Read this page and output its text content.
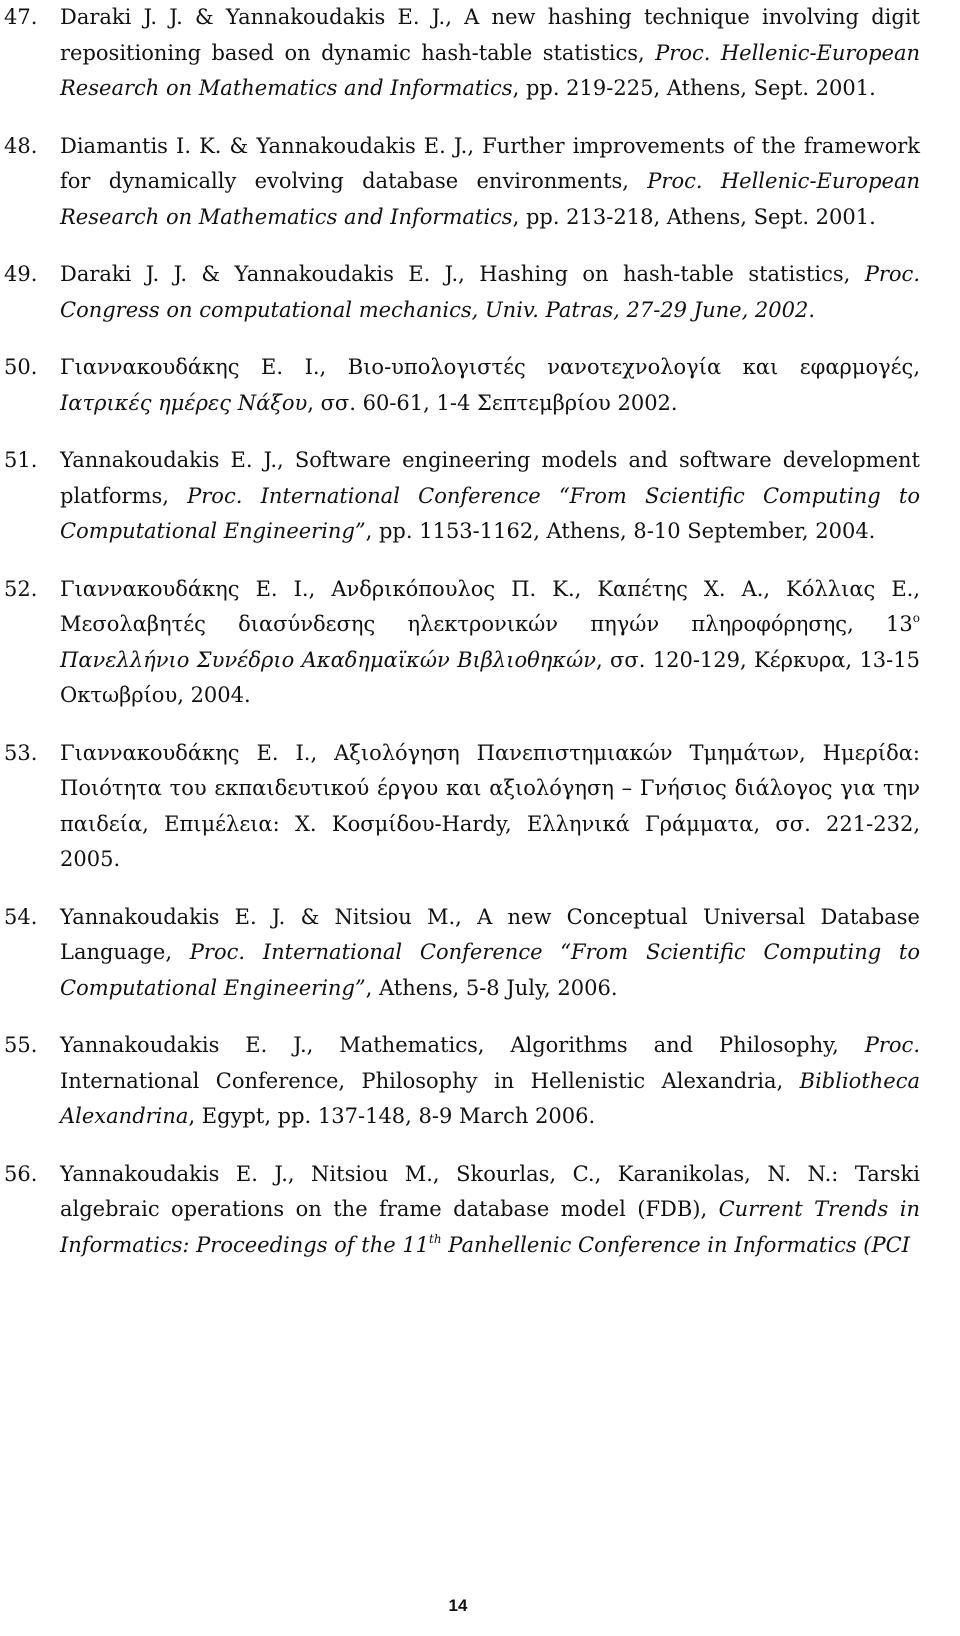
47.	Daraki J. J. & Yannakoudakis E. J., A new hashing technique involving digit repositioning based on dynamic hash-table statistics, Proc. Hellenic-European Research on Mathematics and Informatics, pp. 219-225, Athens, Sept. 2001.
48.	Diamantis I. K. & Yannakoudakis E. J., Further improvements of the framework for dynamically evolving database environments, Proc. Hellenic-European Research on Mathematics and Informatics, pp. 213-218, Athens, Sept. 2001.
49.	Daraki J. J. & Yannakoudakis E. J., Hashing on hash-table statistics, Proc. Congress on computational mechanics, Univ. Patras, 27-29 June, 2002.
50.	Γιαννακουδάκης Ε. Ι., Βιο-υπολογιστές νανοτεχνολογία και εφαρμογές, Ιατρικές ημέρες Νάξου, σσ. 60-61, 1-4 Σεπτεμβρίου 2002.
51.	Yannakoudakis E. J., Software engineering models and software development platforms, Proc. International Conference “From Scientific Computing to Computational Engineering”, pp. 1153-1162, Athens, 8-10 September, 2004.
52.	Γιαννακουδάκης Ε. Ι., Ανδρικόπουλος Π. Κ., Καπέτης Χ. Α., Κόλλιας Ε., Μεσολαβητές διασύνδεσης ηλεκτρονικών πηγών πληροφόρησης, $13^o$ Πανελλήνιο Συνέδριο Ακαδημαϊκών Βιβλιοθηκών, σσ. 120-129, Κέρκυρα, 13-15 Οκτωβρίου, 2004.
53.	Γιαννακουδάκης Ε. Ι., Αξιολόγηση Πανεπιστημιακών Τμημάτων, Ημερίδα: Ποιότητα του εκπαιδευτικού έργου και αξιολόγηση – Γνήσιος διάλογος για την παιδεία, Επιμέλεια: Χ. Κοσμίδου-Hardy, Ελληνικά Γράμματα, σσ. 221-232, 2005.
54.	Yannakoudakis E. J. & Nitsiou M., A new Conceptual Universal Database Language, Proc. International Conference “From Scientific Computing to Computational Engineering”, Athens, 5-8 July, 2006.
55.	Yannakoudakis E. J., Mathematics, Algorithms and Philosophy, Proc. International Conference, Philosophy in Hellenistic Alexandria, Bibliotheca Alexandrina, Egypt, pp. 137-148, 8-9 March 2006.
56.	Yannakoudakis E. J., Nitsiou M., Skourlas, C., Karanikolas, N. N.: Tarski algebraic operations on the frame database model (FDB), Current Trends in Informatics: Proceedings of the 11th Panhellenic Conference in Informatics (PCI
14
